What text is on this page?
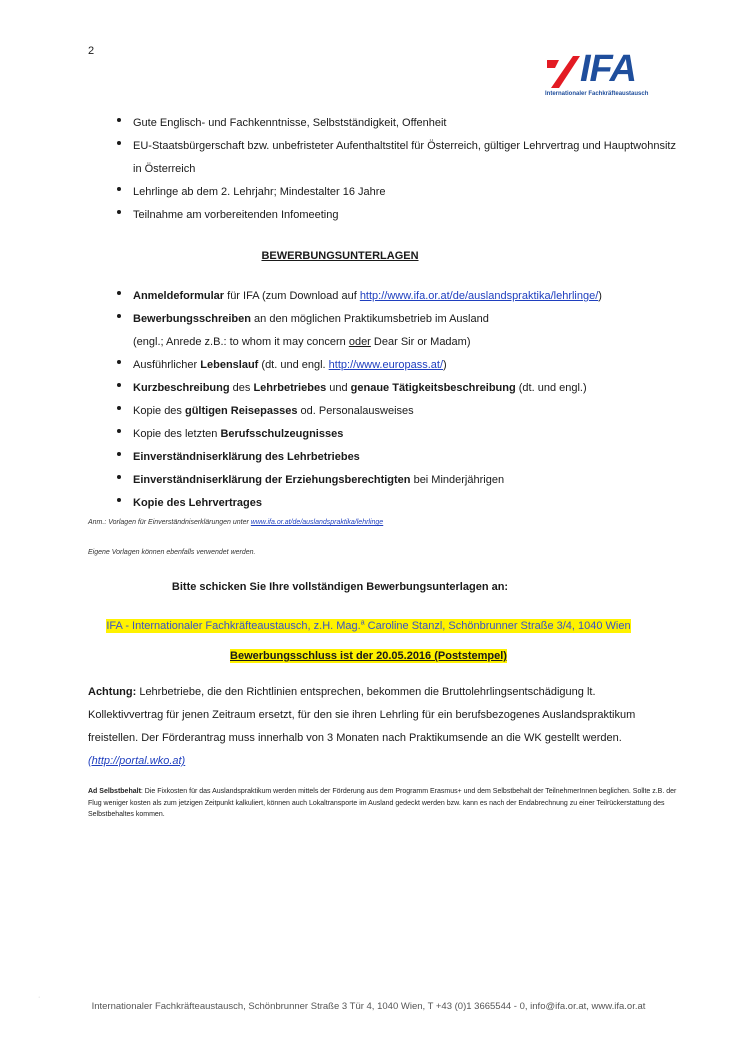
2	IFA
Internationaler Fachkräfteaustausch
Gute Englisch- und Fachkenntnisse, Selbstständigkeit, Offenheit
EU-Staatsbürgerschaft bzw. unbefristeter Aufenthaltstitel für Österreich, gültiger Lehrvertrag und Hauptwohnsitz in Österreich
Lehrlinge ab dem 2. Lehrjahr; Mindestalter 16 Jahre
Teilnahme am vorbereitenden Infomeeting
BEWERBUNGSUNTERLAGEN
Anmeldeformular für IFA (zum Download auf http://www.ifa.or.at/de/auslandspraktika/lehrlinge/)
Bewerbungsschreiben an den möglichen Praktikumsbetrieb im Ausland
(engl.; Anrede z.B.: to whom it may concern oder Dear Sir or Madam)
Ausführlicher Lebenslauf (dt. und engl. http://www.europass.at/)
Kurzbeschreibung des Lehrbetriebes und genaue Tätigkeitsbeschreibung (dt. und engl.)
Kopie des gültigen Reisepasses od. Personalausweises
Kopie des letzten Berufsschulzeugnisses
Einverständniserklärung des Lehrbetriebes
Einverständniserklärung der Erziehungsberechtigten bei Minderjährigen
Kopie des Lehrvertrages
Anm.: Vorlagen für Einverständniserklärungen unter www.ifa.or.at/de/auslandspraktika/lehrlinge
Eigene Vorlagen können ebenfalls verwendet werden.
Bitte schicken Sie Ihre vollständigen Bewerbungsunterlagen an:
IFA - Internationaler Fachkräfteaustausch, z.H. Mag.$^a$ Caroline Stanzl, Schönbrunner Straße 3/4, 1040 Wien
Bewerbungsschluss ist der 20.05.2016 (Poststempel)
Achtung: Lehrbetriebe, die den Richtlinien entsprechen, bekommen die Bruttolehrlingsentschädigung lt. Kollektivvertrag für jenen Zeitraum ersetzt, für den sie ihren Lehrling für ein berufsbezogenes Auslandspraktikum freistellen. Der Förderantrag muss innerhalb von 3 Monaten nach Praktikumsende an die WK gestellt werden. (http://portal.wko.at)
Ad Selbstbehalt: Die Fixkosten für das Auslandspraktikum werden mittels der Förderung aus dem Programm Erasmus+ und dem Selbstbehalt der TeilnehmerInnen beglichen. Sollte z.B. der Flug weniger kosten als zum jetzigen Zeitpunkt kalkuliert, können auch Lokaltransporte im Ausland gedeckt werden bzw. kann es nach der Endabrechnung zu einer Teilrückerstattung des Selbstbehaltes kommen.
·
Internationaler Fachkräfteaustausch, Schönbrunner Straße 3 Tür 4, 1040 Wien, T +43 (0)1 3665544 - 0, info@ifa.or.at, www.ifa.or.at
